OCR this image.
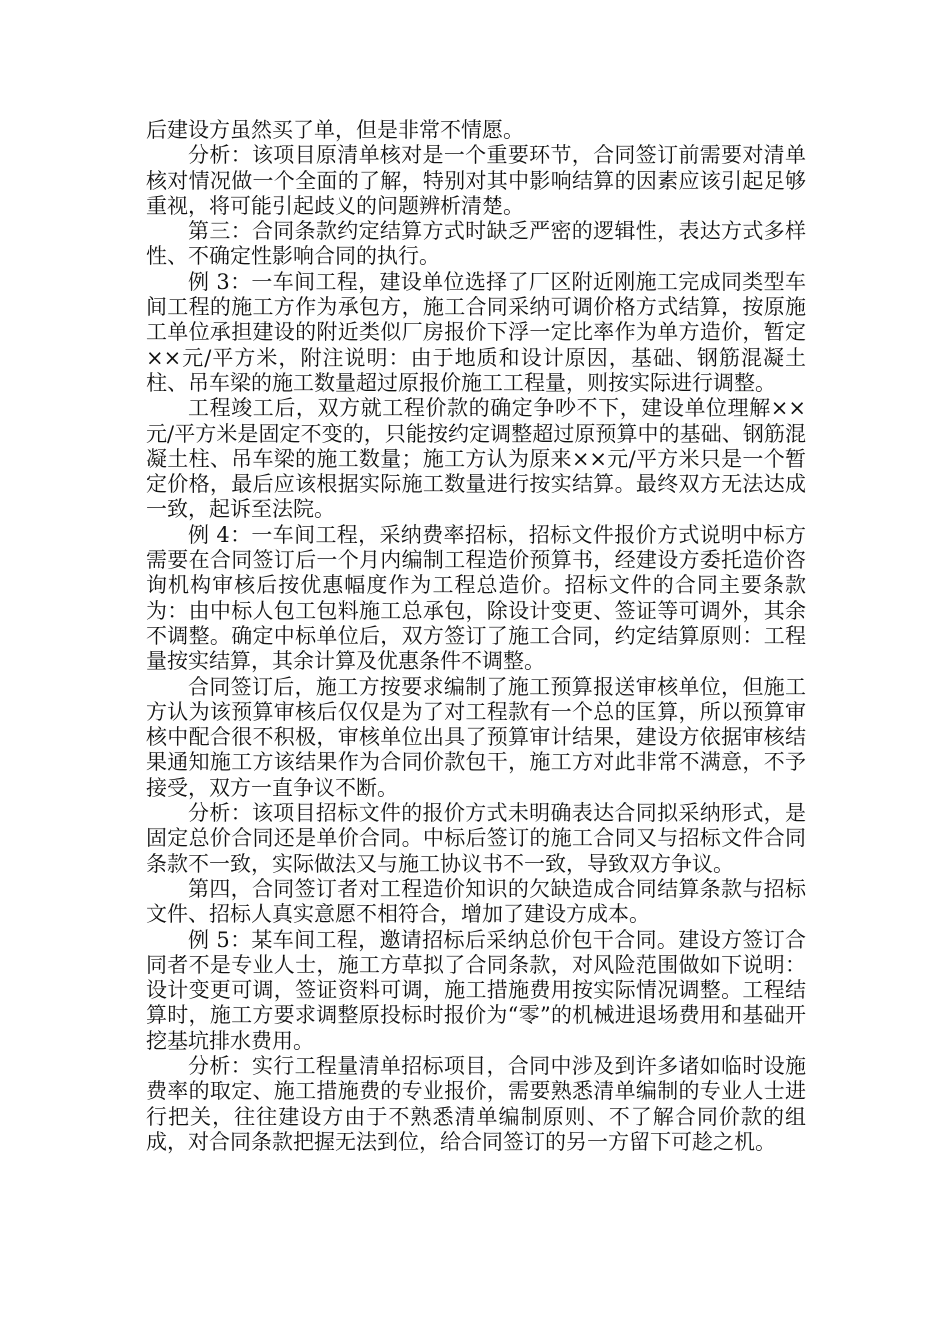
后建设方虽然买了单，但是非常不情愿。

分析：该项目原清单核对是一个重要环节，合同签订前需要对清单核对情况做一个全面的了解，特别对其中影响结算的因素应该引起足够重视，将可能引起歧义的问题辨析清楚。

第三：合同条款约定结算方式时缺乏严密的逻辑性，表达方式多样性、不确定性影响合同的执行。

例 3：一车间工程，建设单位选择了厂区附近刚施工完成同类型车间工程的施工方作为承包方，施工合同采纳可调价格方式结算，按原施工单位承担建设的附近类似厂房报价下浮一定比率作为单方造价，暂定××元/平方米，附注说明：由于地质和设计原因，基础、钢筋混凝土柱、吊车梁的施工数量超过原报价施工工程量，则按实际进行调整。

工程竣工后，双方就工程价款的确定争吵不下，建设单位理解××元/平方米是固定不变的，只能按约定调整超过原预算中的基础、钢筋混凝土柱、吊车梁的施工数量；施工方认为原来××元/平方米只是一个暂定价格，最后应该根据实际施工数量进行按实结算。最终双方无法达成一致，起诉至法院。

例 4：一车间工程，采纳费率招标，招标文件报价方式说明中标方需要在合同签订后一个月内编制工程造价预算书，经建设方委托造价咨询机构审核后按优惠幅度作为工程总造价。招标文件的合同主要条款为：由中标人包工包料施工总承包，除设计变更、签证等可调外，其余不调整。确定中标单位后，双方签订了施工合同，约定结算原则：工程量按实结算，其余计算及优惠条件不调整。

合同签订后，施工方按要求编制了施工预算报送审核单位，但施工方认为该预算审核后仅仅是为了对工程款有一个总的匡算，所以预算审核中配合很不积极，审核单位出具了预算审计结果，建设方依据审核结果通知施工方该结果作为合同价款包干，施工方对此非常不满意，不予接受，双方一直争议不断。

分析：该项目招标文件的报价方式未明确表达合同拟采纳形式，是固定总价合同还是单价合同。中标后签订的施工合同又与招标文件合同条款不一致，实际做法又与施工协议书不一致，导致双方争议。

第四，合同签订者对工程造价知识的欠缺造成合同结算条款与招标文件、招标人真实意愿不相符合，增加了建设方成本。

例 5：某车间工程，邀请招标后采纳总价包干合同。建设方签订合同者不是专业人士，施工方草拟了合同条款，对风险范围做如下说明：设计变更可调，签证资料可调，施工措施费用按实际情况调整。工程结算时，施工方要求调整原投标时报价为“零”的机械进退场费用和基础开挖基坑排水费用。

分析：实行工程量清单招标项目，合同中涉及到许多诸如临时设施费率的取定、施工措施费的专业报价，需要熟悉清单编制的专业人士进行把关，往往建设方由于不熟悉清单编制原则、不了解合同价款的组成，对合同条款把握无法到位，给合同签订的另一方留下可趁之机。
